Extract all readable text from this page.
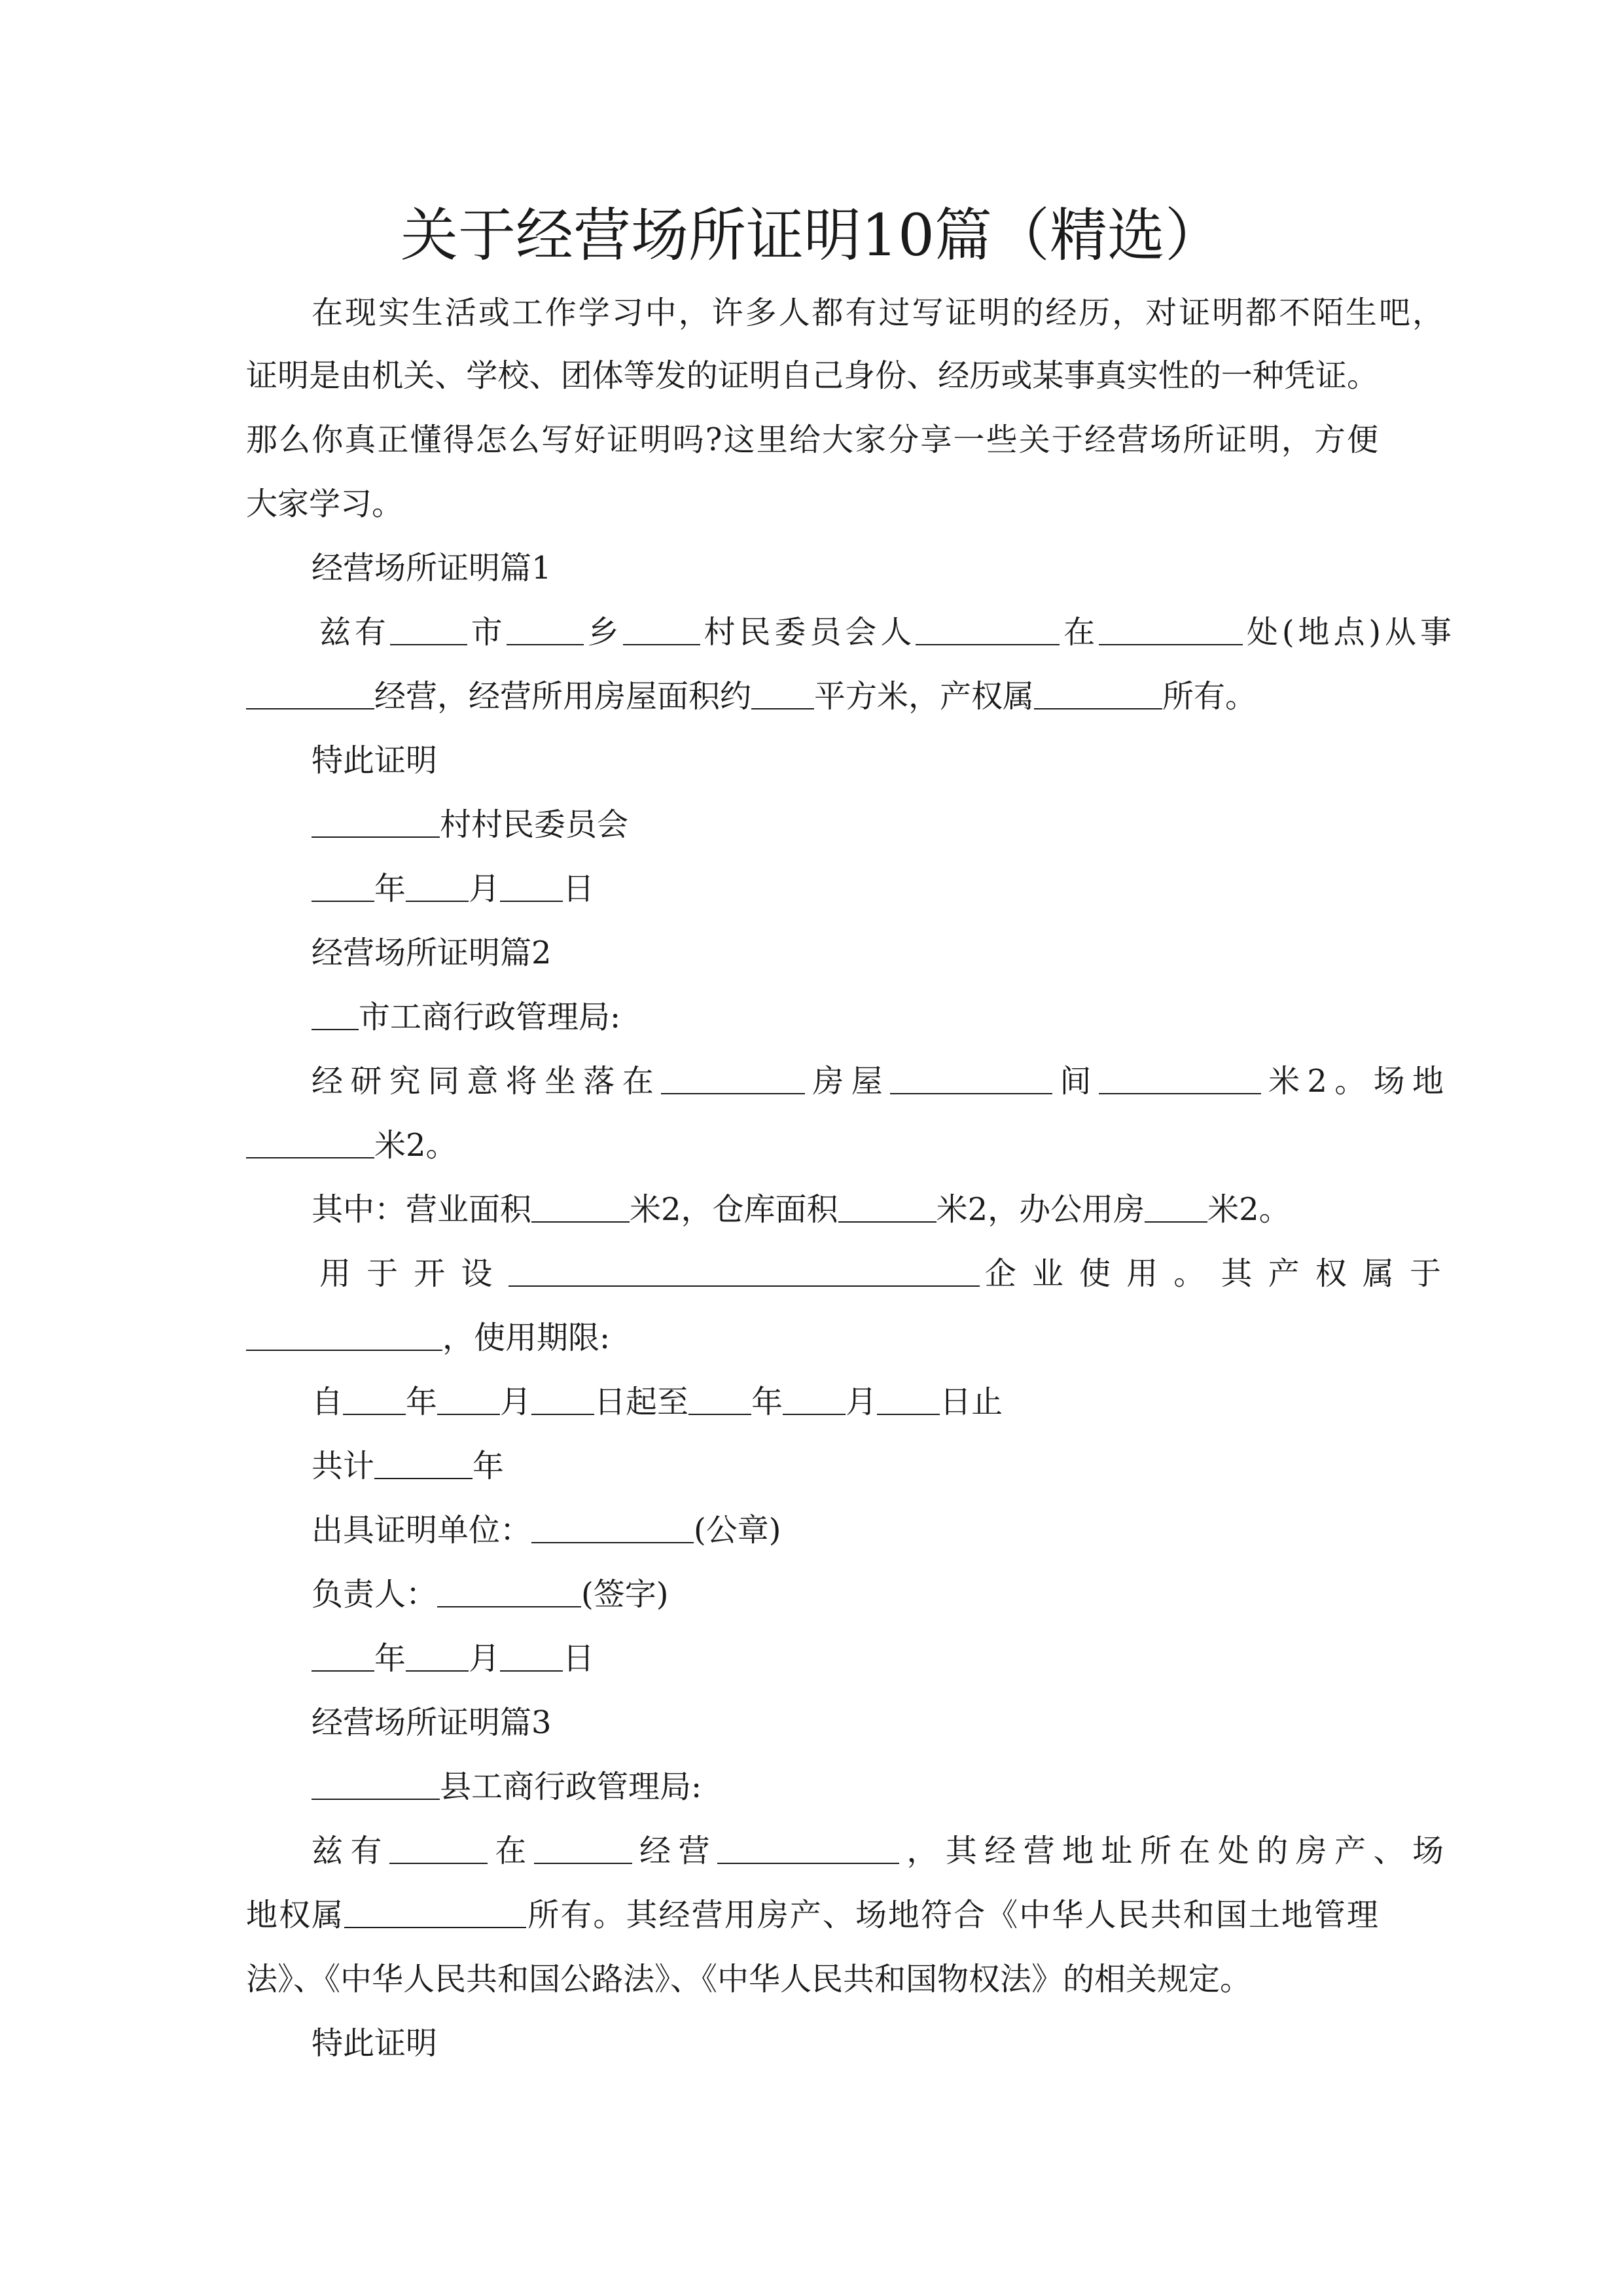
关于经营场所证明10篇（精选）
在现实生活或工作学习中，许多人都有过写证明的经历，对证明都不陌生吧，
证明是由机关、学校、团体等发的证明自己身份、经历或某事真实性的一种凭证。
那么你真正懂得怎么写好证明吗?这里给大家分享一些关于经营场所证明，方便
大家学习。
经营场所证明篇1
兹有 市 乡 村民委员会人	在	处(地点)从事
经营，经营所用房屋面积约 平方米，产权属	所有。
特此证明
村村民委员会
年 月 日
经营场所证明篇2
市工商行政管理局:
经研究同意将坐落在	房屋	间	米2。场地
米2。
其中：营业面积	米2，仓库面积	米2，办公用房 米2。
用于开设	企业使用。其产权属于
，使用期限:
自 年 月 日起至 年 月 日止
共计	年
出具证明单位：	(公章)
负责人：	(签字)
年 月 日
经营场所证明篇3
县工商行政管理局:
兹有	在	经营	，其经营地址所在处的房产、场
地权属	所有。其经营用房产、场地符合《中华人民共和国土地管理
法》、《中华人民共和国公路法》、《中华人民共和国物权法》的相关规定。
特此证明
